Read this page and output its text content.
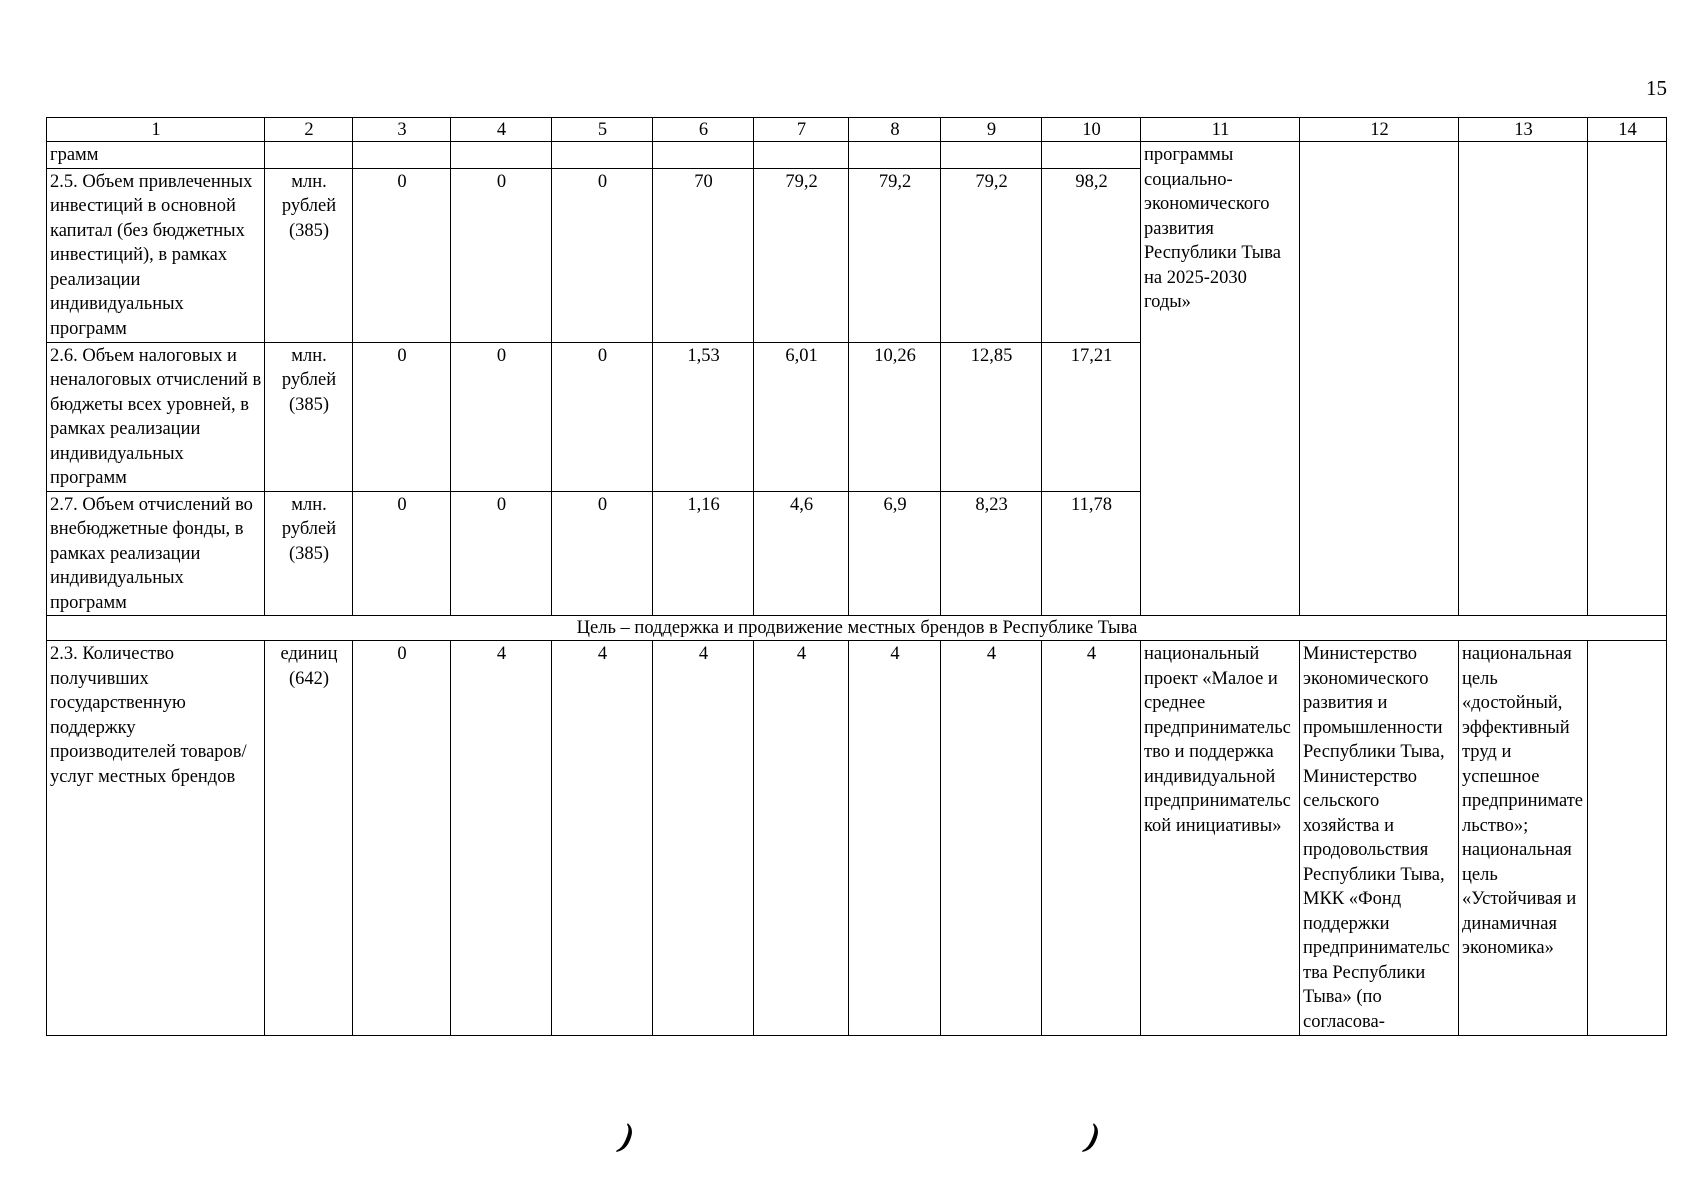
15
1	2	3	4	5	6	7	8	9	10	11	12	13	14
грамм										программы социально-экономического развития Республики Тыва на 2025-2030 годы»			
2.5. Объем привлеченных инвестиций в основной капитал (без бюджетных инвестиций), в рамках реализации индивидуальных программ	млн. рублей (385)	0	0	0	70	79,2	79,2	79,2	98,2				
2.6. Объем налоговых и неналоговых отчислений в бюджеты всех уровней, в рамках реализации индивидуальных программ	млн. рублей (385)	0	0	0	1,53	6,01	10,26	12,85	17,21				
2.7. Объем отчислений во внебюджетные фонды, в рамках реализации индивидуальных программ	млн. рублей (385)	0	0	0	1,16	4,6	6,9	8,23	11,78				
Цель – поддержка и продвижение местных брендов в Республике Тыва													
2.3. Количество получивших государственную поддержку производителей товаров/ услуг местных брендов	единиц (642)	0	4	4	4	4	4	4	4	национальный проект «Малое и среднее предпринимательство и поддержка индивидуальной предпринимательской инициативы»	Министерство экономического развития и промышленности Республики Тыва, Министерство сельского хозяйства и продовольствия Республики Тыва, МКК «Фонд поддержки предпринимательства Республики Тыва» (по согласова-	национальная цель «достойный, эффективный труд и успешное предпринимательство»; национальная цель «Устойчивая и динамичная экономика»	
)	)
